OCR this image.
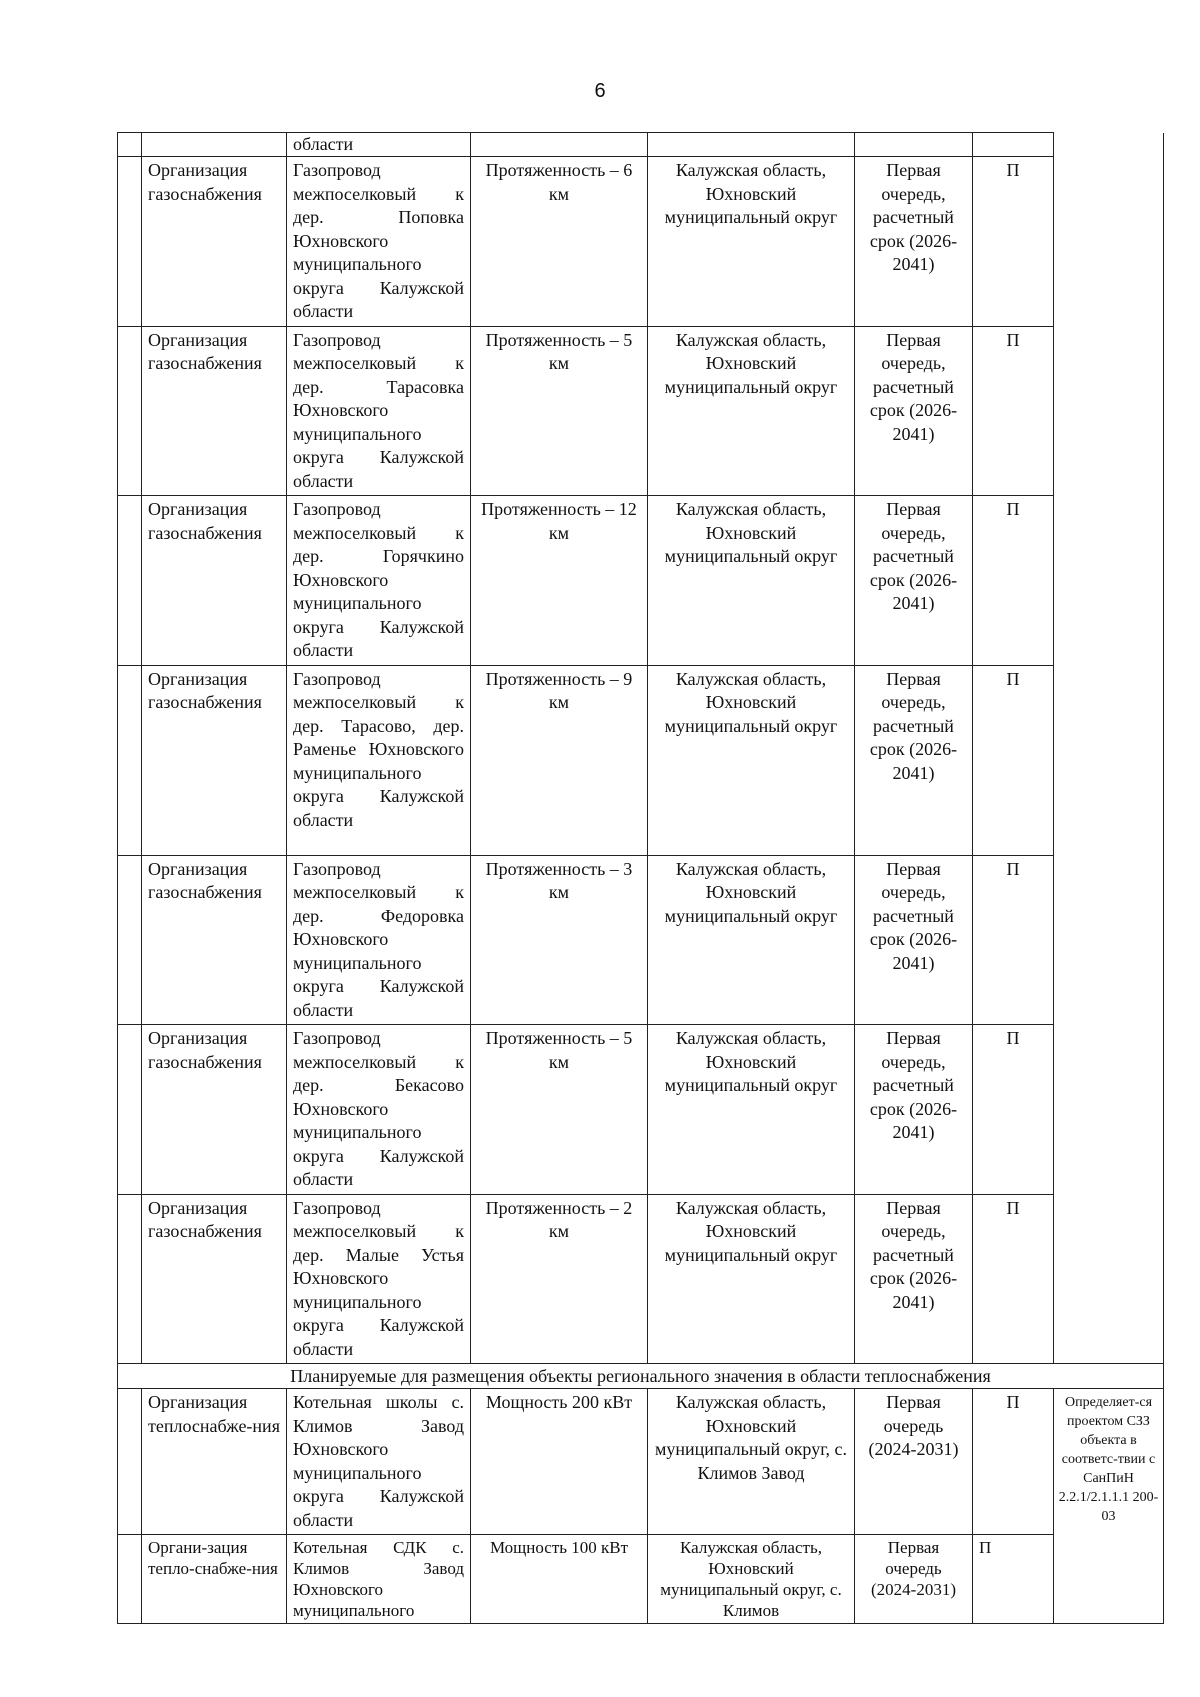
6
		области					
	Организация газоснабжения	Газопровод межпоселковый к дер. Поповка Юхновского муниципального округа Калужской области	Протяженность – 6 км	Калужская область, Юхновский муниципальный округ	Первая очередь, расчетный срок (2026-2041)	П	
	Организация газоснабжения	Газопровод межпоселковый к дер. Тарасовка Юхновского муниципального округа Калужской области	Протяженность – 5 км	Калужская область, Юхновский муниципальный округ	Первая очередь, расчетный срок (2026-2041)	П	
	Организация газоснабжения	Газопровод межпоселковый к дер. Горячкино Юхновского муниципального округа Калужской области	Протяженность – 12 км	Калужская область, Юхновский муниципальный округ	Первая очередь, расчетный срок (2026-2041)	П	
	Организация газоснабжения	Газопровод межпоселковый к дер. Тарасово, дер. Раменье Юхновского муниципального округа Калужской области	Протяженность – 9 км	Калужская область, Юхновский муниципальный округ	Первая очередь, расчетный срок (2026-2041)	П	
	Организация газоснабжения	Газопровод межпоселковый к дер. Федоровка Юхновского муниципального округа Калужской области	Протяженность – 3 км	Калужская область, Юхновский муниципальный округ	Первая очередь, расчетный срок (2026-2041)	П	
	Организация газоснабжения	Газопровод межпоселковый к дер. Бекасово Юхновского муниципального округа Калужской области	Протяженность – 5 км	Калужская область, Юхновский муниципальный округ	Первая очередь, расчетный срок (2026-2041)	П	
	Организация газоснабжения	Газопровод межпоселковый к дер. Малые Устья Юхновского муниципального округа Калужской области	Протяженность – 2 км	Калужская область, Юхновский муниципальный округ	Первая очередь, расчетный срок (2026-2041)	П	
Планируемые для размещения объекты регионального значения в области теплоснабжения							
	Организация теплоснабже-ния	Котельная школы с. Климов Завод Юхновского муниципального округа Калужской области	Мощность 200 кВт	Калужская область, Юхновский муниципальный округ, с. Климов Завод	Первая очередь (2024-2031)	П	Определяет-ся проектом СЗЗ объекта в соответс-твии с СанПиН 2.2.1/2.1.1.1 200-03
	Органи-зация тепло-снабже-ния	Котельная СДК с. Климов Завод Юхновского муниципального	Мощность 100 кВт	Калужская область, Юхновский муниципальный округ, с. Климов	Первая очередь (2024-2031)	П	
